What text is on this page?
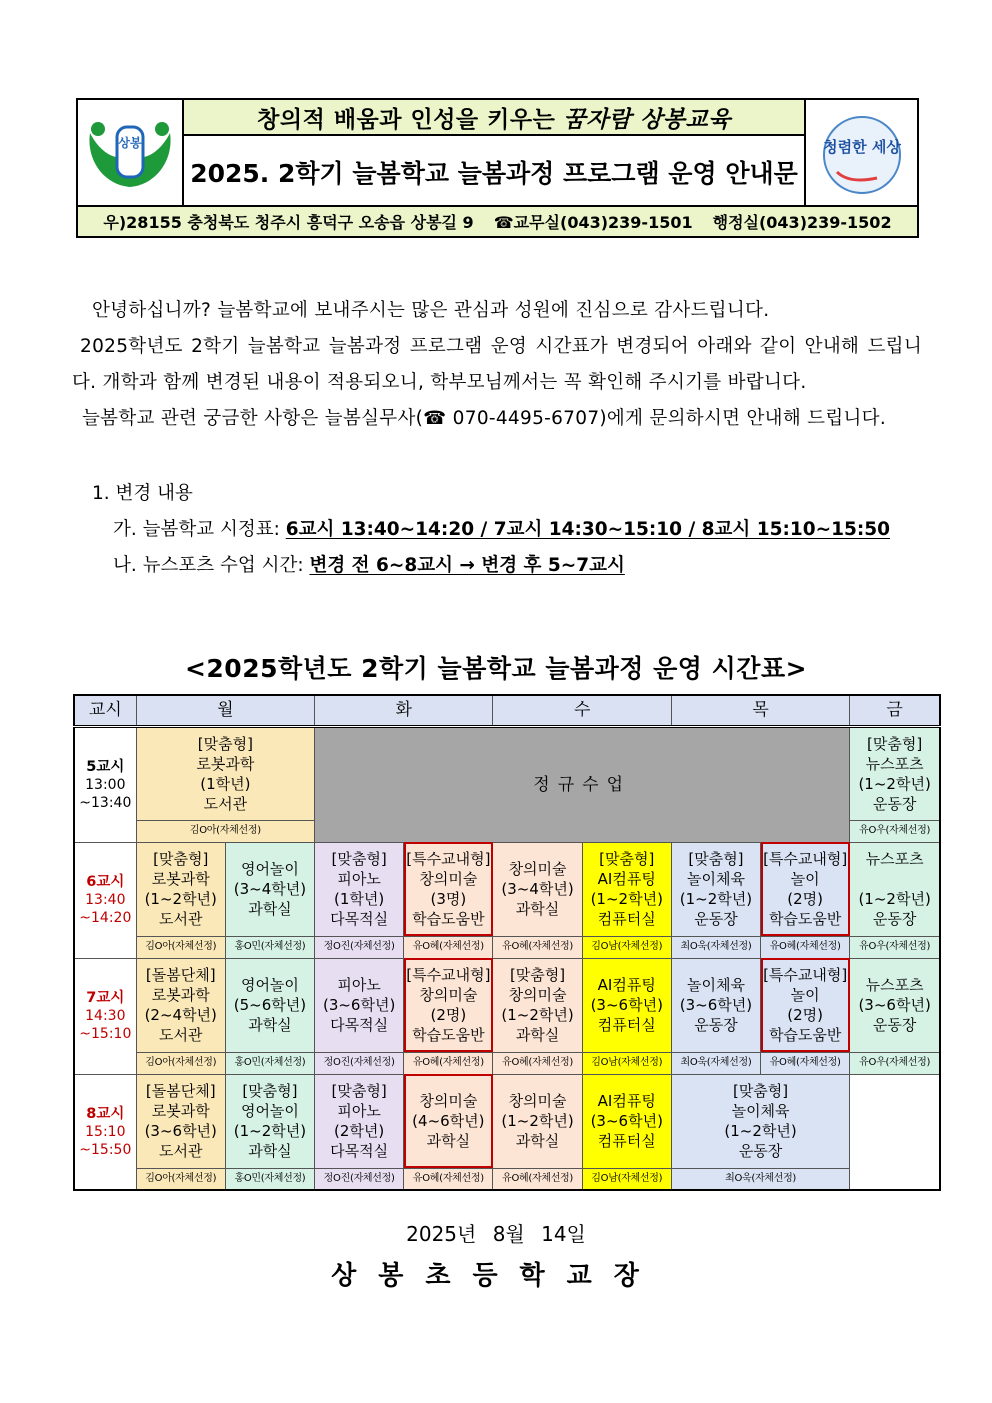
상봉
창의적 배움과 인성을 키우는 꿈자람 상봉교육
2025. 2학기 늘봄학교 늘봄과정 프로그램 운영 안내문
청렴한 세상
우)28155 충청북도 청주시 흥덕구 오송읍 상봉길 9 ☎교무실(043)239-1501 행정실(043)239-1502
안녕하십니까? 늘봄학교에 보내주시는 많은 관심과 성원에 진심으로 감사드립니다.
2025학년도 2학기 늘봄학교 늘봄과정 프로그램 운영 시간표가 변경되어 아래와 같이 안내해 드립니다. 개학과 함께 변경된 내용이 적용되오니, 학부모님께서는 꼭 확인해 주시기를 바랍니다.
늘봄학교 관련 궁금한 사항은 늘봄실무사(☎ 070-4495-6707)에게 문의하시면 안내해 드립니다.
1. 변경 내용
가. 늘봄학교 시정표: 6교시 13:40~14:20 / 7교시 14:30~15:10 / 8교시 15:10~15:50
나. 뉴스포츠 수업 시간: 변경 전 6~8교시 → 변경 후 5~7교시
<2025학년도 2학기 늘봄학교 늘봄과정 운영 시간표>
교시	월		화		수		목		금
5교시
13:00
~13:40	[맞춤형]
로봇과학
(1학년)
도서관		정규수업						[맞춤형]
뉴스포츠
(1~2학년)
운동장
	김O아(자체선정)								유O우(자체선정)
6교시
13:40
~14:20	[맞춤형]
로봇과학
(1~2학년)
도서관	영어놀이
(3~4학년)
과학실	[맞춤형]
피아노
(1학년)
다목적실	[특수교내형]
창의미술
(3명)
학습도움반	창의미술
(3~4학년)
과학실	[맞춤형]
AI컴퓨팅
(1~2학년)
컴퓨터실	[맞춤형]
놀이체육
(1~2학년)
운동장	[특수교내형]
놀이
(2명)
학습도움반	뉴스포츠

(1~2학년)
운동장
	김O아(자체선정)	홍O민(자체선정)	정O진(자체선정)	유O혜(자체선정)	유O혜(자체선정)	김O남(자체선정)	최O욱(자체선정)	유O혜(자체선정)	유O우(자체선정)
7교시
14:30
~15:10	[돌봄단체]
로봇과학
(2~4학년)
도서관	영어놀이
(5~6학년)
과학실	피아노
(3~6학년)
다목적실	[특수교내형]
창의미술
(2명)
학습도움반	[맞춤형]
창의미술
(1~2학년)
과학실	AI컴퓨팅
(3~6학년)
컴퓨터실	놀이체육
(3~6학년)
운동장	[특수교내형]
놀이
(2명)
학습도움반	뉴스포츠
(3~6학년)
운동장
	김O아(자체선정)	홍O민(자체선정)	정O진(자체선정)	유O혜(자체선정)	유O혜(자체선정)	김O남(자체선정)	최O욱(자체선정)	유O혜(자체선정)	유O우(자체선정)
8교시
15:10
~15:50	[돌봄단체]
로봇과학
(3~6학년)
도서관	[맞춤형]
영어놀이
(1~2학년)
과학실	[맞춤형]
피아노
(2학년)
다목적실	창의미술
(4~6학년)
과학실	창의미술
(1~2학년)
과학실	AI컴퓨팅
(3~6학년)
컴퓨터실	[맞춤형]
놀이체육
(1~2학년)
운동장		
	김O아(자체선정)	홍O민(자체선정)	정O진(자체선정)	유O혜(자체선정)	유O혜(자체선정)	김O남(자체선정)	최O욱(자체선정)		
2025년 8월 14일
상봉초등학교장
